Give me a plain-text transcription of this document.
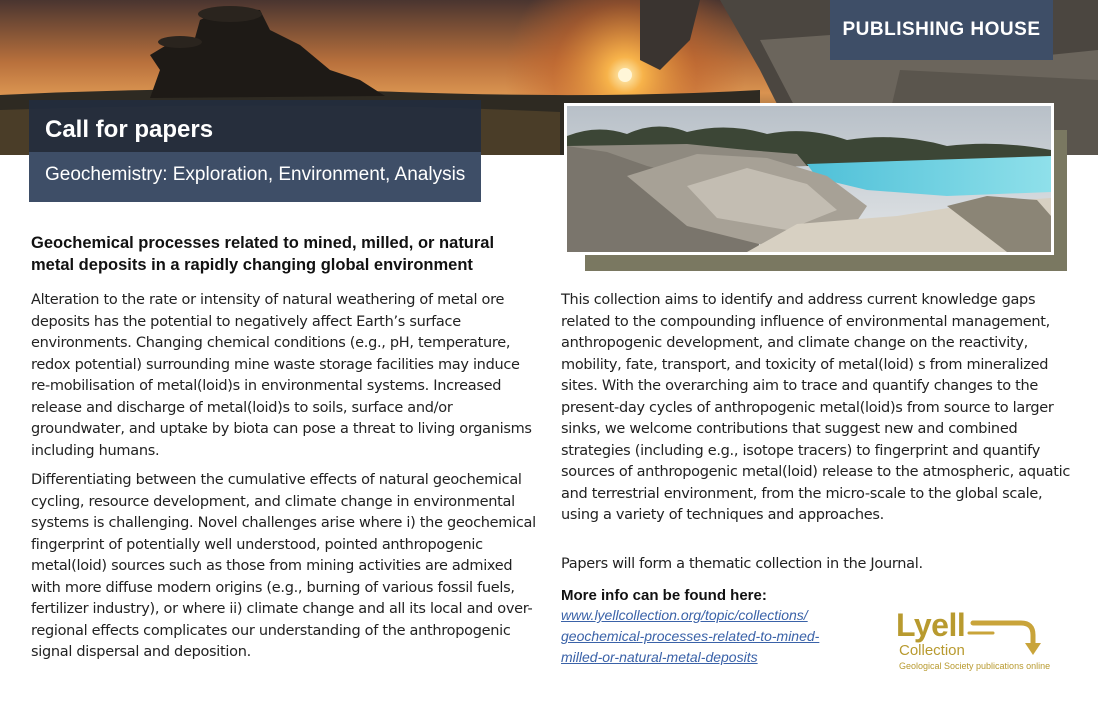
PUBLISHING HOUSE
Call for papers
Geochemistry: Exploration, Environment, Analysis
Geochemical processes related to mined, milled, or natural
metal deposits in a rapidly changing global environment

Alteration to the rate or intensity of natural weathering of metal ore deposits has the potential to negatively affect Earth’s surface environments. Changing chemical conditions (e.g., pH, temperature, redox potential) surrounding mine waste storage facilities may induce re-mobilisation of metal(loid)s in environmental systems. Increased release and discharge of metal(loid)s to soils, surface and/or groundwater, and uptake by biota can pose a threat to living organisms including humans.

Differentiating between the cumulative effects of natural geochemical cycling, resource development, and climate change in environmental systems is challenging. Novel challenges arise where i) the geochemical fingerprint of potentially well understood, pointed anthropogenic metal(loid) sources such as those from mining activities are admixed with more diffuse modern origins (e.g., burning of various fossil fuels, fertilizer industry), or where ii) climate change and all its local and over-regional effects complicates our understanding of the anthropogenic signal dispersal and deposition.

This collection aims to identify and address current knowledge gaps related to the compounding influence of environmental management, anthropogenic development, and climate change on the reactivity, mobility, fate, transport, and toxicity of metal(loid) s from mineralized sites. With the overarching aim to trace and quantify changes to the present-day cycles of anthropogenic metal(loid)s from source to larger sinks, we welcome contributions that suggest new and combined strategies (including e.g., isotope tracers) to fingerprint and quantify sources of anthropogenic metal(loid) release to the atmospheric, aquatic and terrestrial environment, from the micro-scale to the global scale, using a variety of techniques and approaches.

Papers will form a thematic collection in the Journal.

More info can be found here:
www.lyellcollection.org/topic/collections/
geochemical-processes-related-to-mined-
milled-or-natural-metal-deposits
Lyell
Collection
Geological Society publications online
